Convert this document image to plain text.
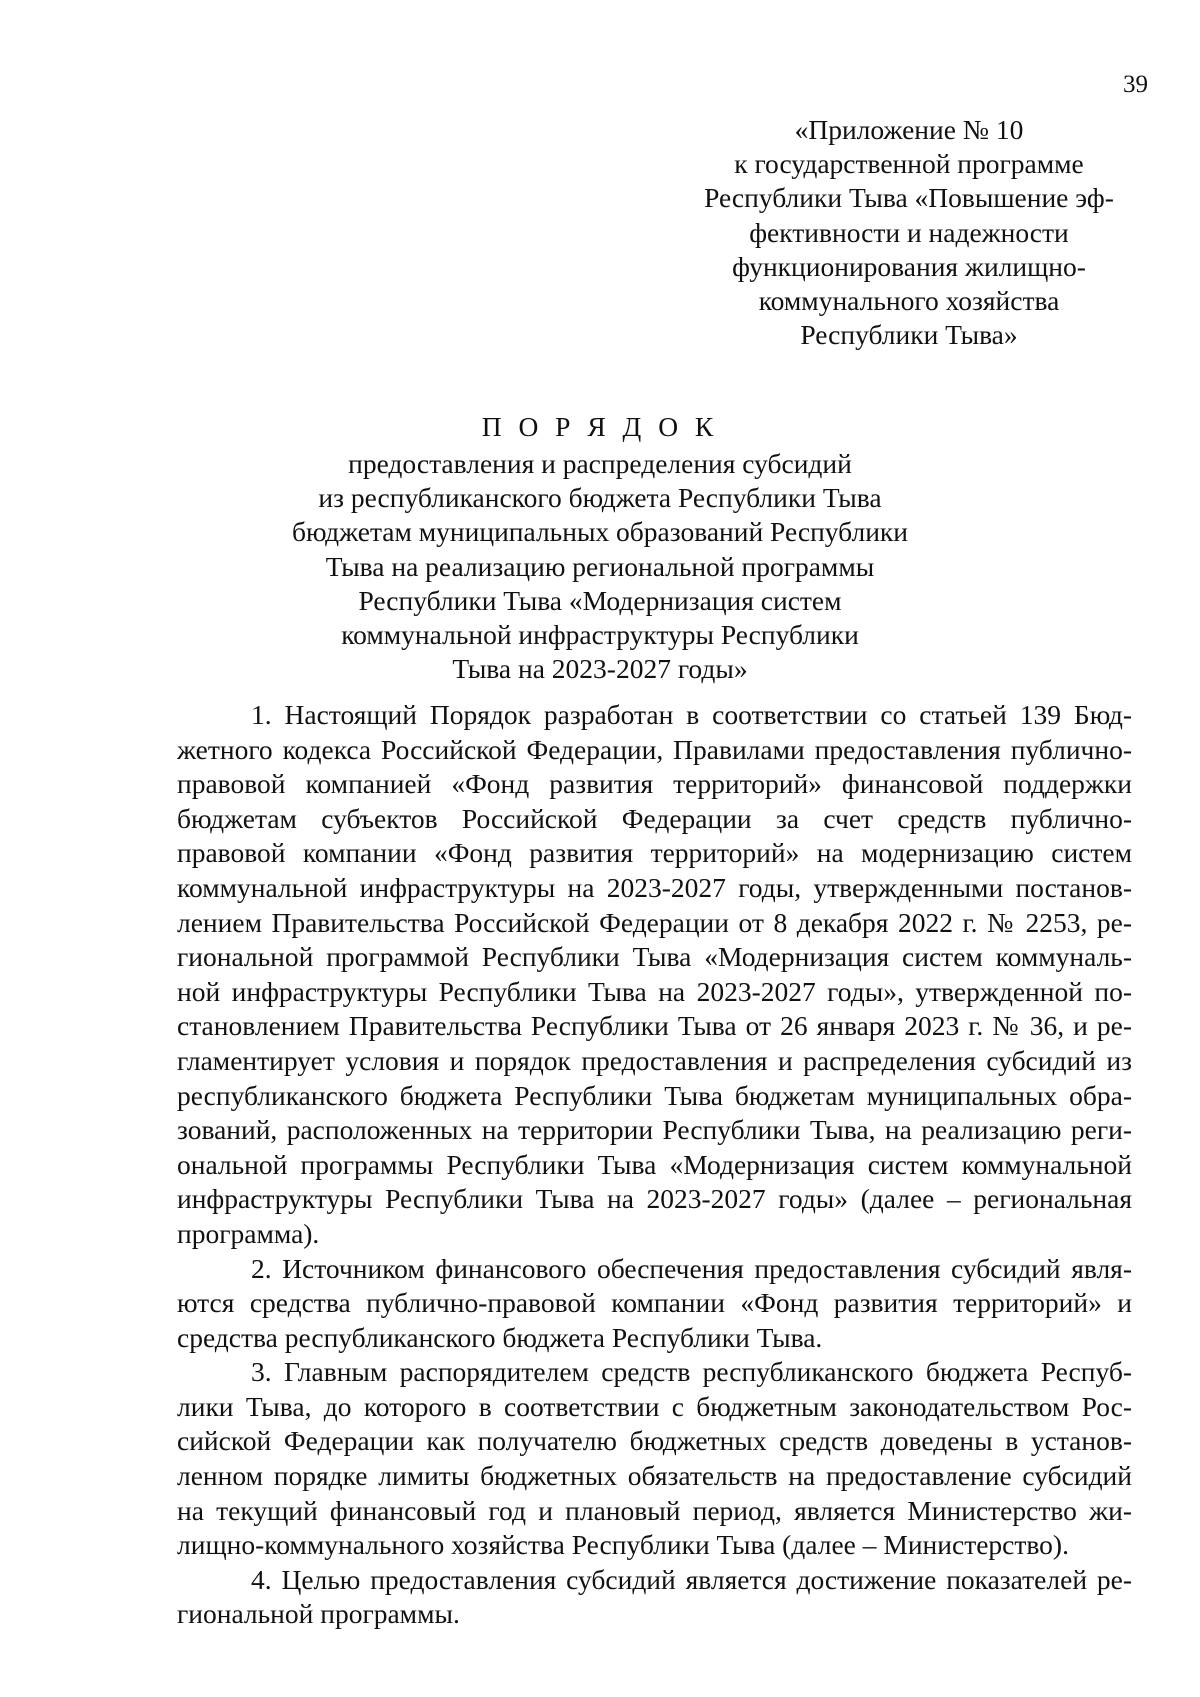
39
«Приложение № 10
к государственной программе
Республики Тыва «Повышение эф-
фективности и надежности
функционирования жилищно-
коммунального хозяйства
Республики Тыва»
П О Р Я Д О К
предоставления и распределения субсидий
из республиканского бюджета Республики Тыва
бюджетам муниципальных образований Республики
Тыва на реализацию региональной программы
Республики Тыва «Модернизация систем
коммунальной инфраструктуры Республики
Тыва на 2023-2027 годы»
1. Настоящий Порядок разработан в соответствии со статьей 139 Бюд-
жетного кодекса Российской Федерации, Правилами предоставления публично-
правовой компанией «Фонд развития территорий» финансовой поддержки
бюджетам субъектов Российской Федерации за счет средств публично-
правовой компании «Фонд развития территорий» на модернизацию систем
коммунальной инфраструктуры на 2023-2027 годы, утвержденными постанов-
лением Правительства Российской Федерации от 8 декабря 2022 г. № 2253, ре-
гиональной программой Республики Тыва «Модернизация систем коммуналь-
ной инфраструктуры Республики Тыва на 2023-2027 годы», утвержденной по-
становлением Правительства Республики Тыва от 26 января 2023 г. № 36, и ре-
гламентирует условия и порядок предоставления и распределения субсидий из
республиканского бюджета Республики Тыва бюджетам муниципальных обра-
зований, расположенных на территории Республики Тыва, на реализацию реги-
ональной программы Республики Тыва «Модернизация систем коммунальной
инфраструктуры Республики Тыва на 2023-2027 годы» (далее – региональная
программа).
2. Источником финансового обеспечения предоставления субсидий явля-
ются средства публично-правовой компании «Фонд развития территорий» и
средства республиканского бюджета Республики Тыва.
3. Главным распорядителем средств республиканского бюджета Респуб-
лики Тыва, до которого в соответствии с бюджетным законодательством Рос-
сийской Федерации как получателю бюджетных средств доведены в установ-
ленном порядке лимиты бюджетных обязательств на предоставление субсидий
на текущий финансовый год и плановый период, является Министерство жи-
лищно-коммунального хозяйства Республики Тыва (далее – Министерство).
4. Целью предоставления субсидий является достижение показателей ре-
гиональной программы.
